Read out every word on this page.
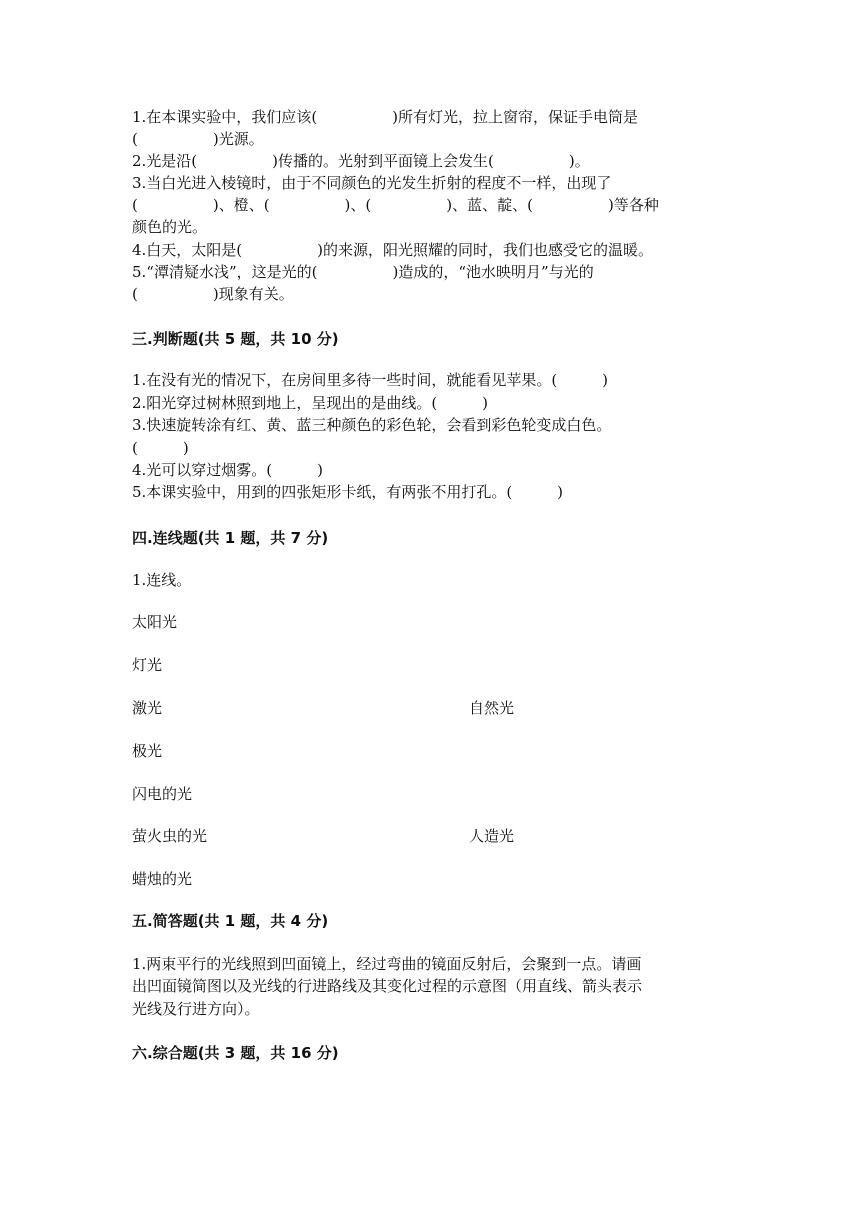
1.在本课实验中，我们应该(　　　　　)所有灯光，拉上窗帘，保证手电筒是
(　　　　　)光源。
2.光是沿(　　　　　)传播的。光射到平面镜上会发生(　　　　　)。
3.当白光进入棱镜时，由于不同颜色的光发生折射的程度不一样，出现了
(　　　　　)、橙、(　　　　　)、(　　　　　)、蓝、靛、(　　　　　)等各种
颜色的光。
4.白天，太阳是(　　　　　)的来源，阳光照耀的同时，我们也感受它的温暖。
5.“潭清疑水浅”，这是光的(　　　　　)造成的，“池水映明月”与光的
(　　　　　)现象有关。
三.判断题(共 5 题，共 10 分)
1.在没有光的情况下，在房间里多待一些时间，就能看见苹果。(　　　)
2.阳光穿过树林照到地上，呈现出的是曲线。(　　　)
3.快速旋转涂有红、黄、蓝三种颜色的彩色轮，会看到彩色轮变成白色。
(　　　)
4.光可以穿过烟雾。(　　　)
5.本课实验中，用到的四张矩形卡纸，有两张不用打孔。(　　　)
四.连线题(共 1 题，共 7 分)
1.连线。
太阳光
灯光
激光
极光
闪电的光
萤火虫的光
蜡烛的光
自然光
人造光
五.简答题(共 1 题，共 4 分)
1.两束平行的光线照到凹面镜上，经过弯曲的镜面反射后，会聚到一点。请画
出凹面镜简图以及光线的行进路线及其变化过程的示意图（用直线、箭头表示
光线及行进方向）。
六.综合题(共 3 题，共 16 分)
